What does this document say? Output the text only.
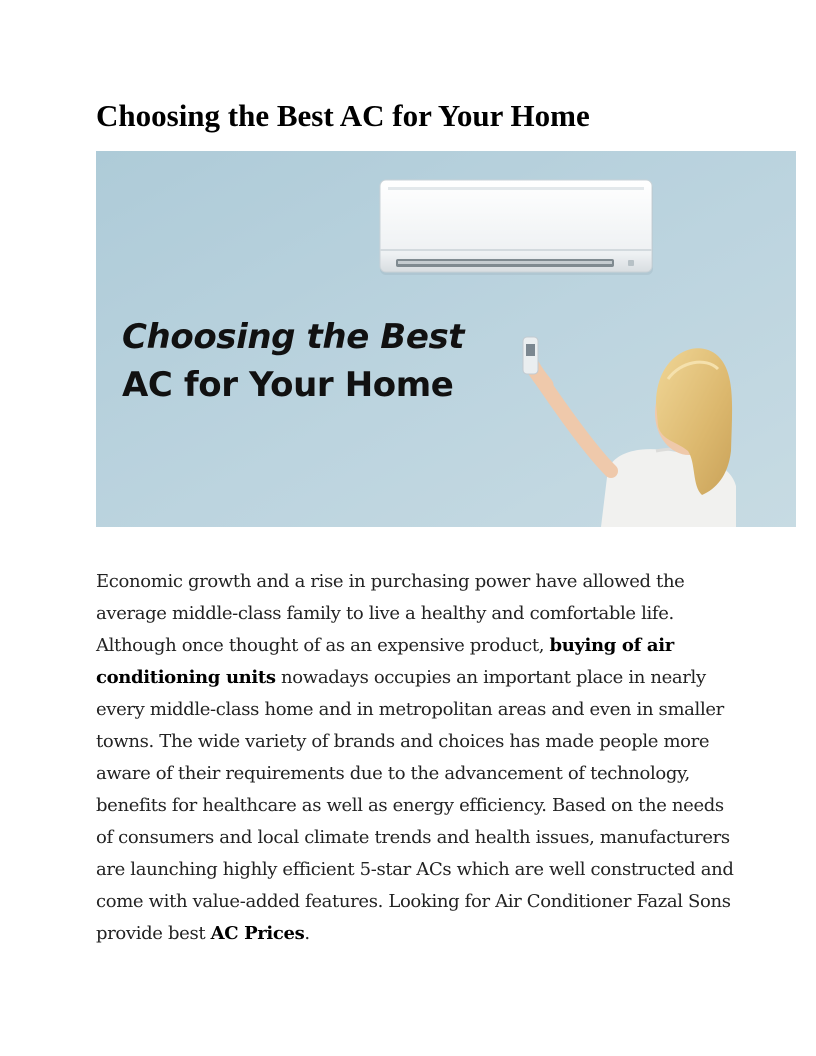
Choosing the Best AC for Your Home
Choosing the Best
AC for Your Home

Economic growth and a rise in purchasing power have allowed the average middle-class family to live a healthy and comfortable life. Although once thought of as an expensive product, buying of air conditioning units nowadays occupies an important place in nearly every middle-class home and in metropolitan areas and even in smaller towns. The wide variety of brands and choices has made people more aware of their requirements due to the advancement of technology, benefits for healthcare as well as energy efficiency. Based on the needs of consumers and local climate trends and health issues, manufacturers are launching highly efficient 5-star ACs which are well constructed and come with value-added features. Looking for Air Conditioner Fazal Sons provide best AC Prices.
